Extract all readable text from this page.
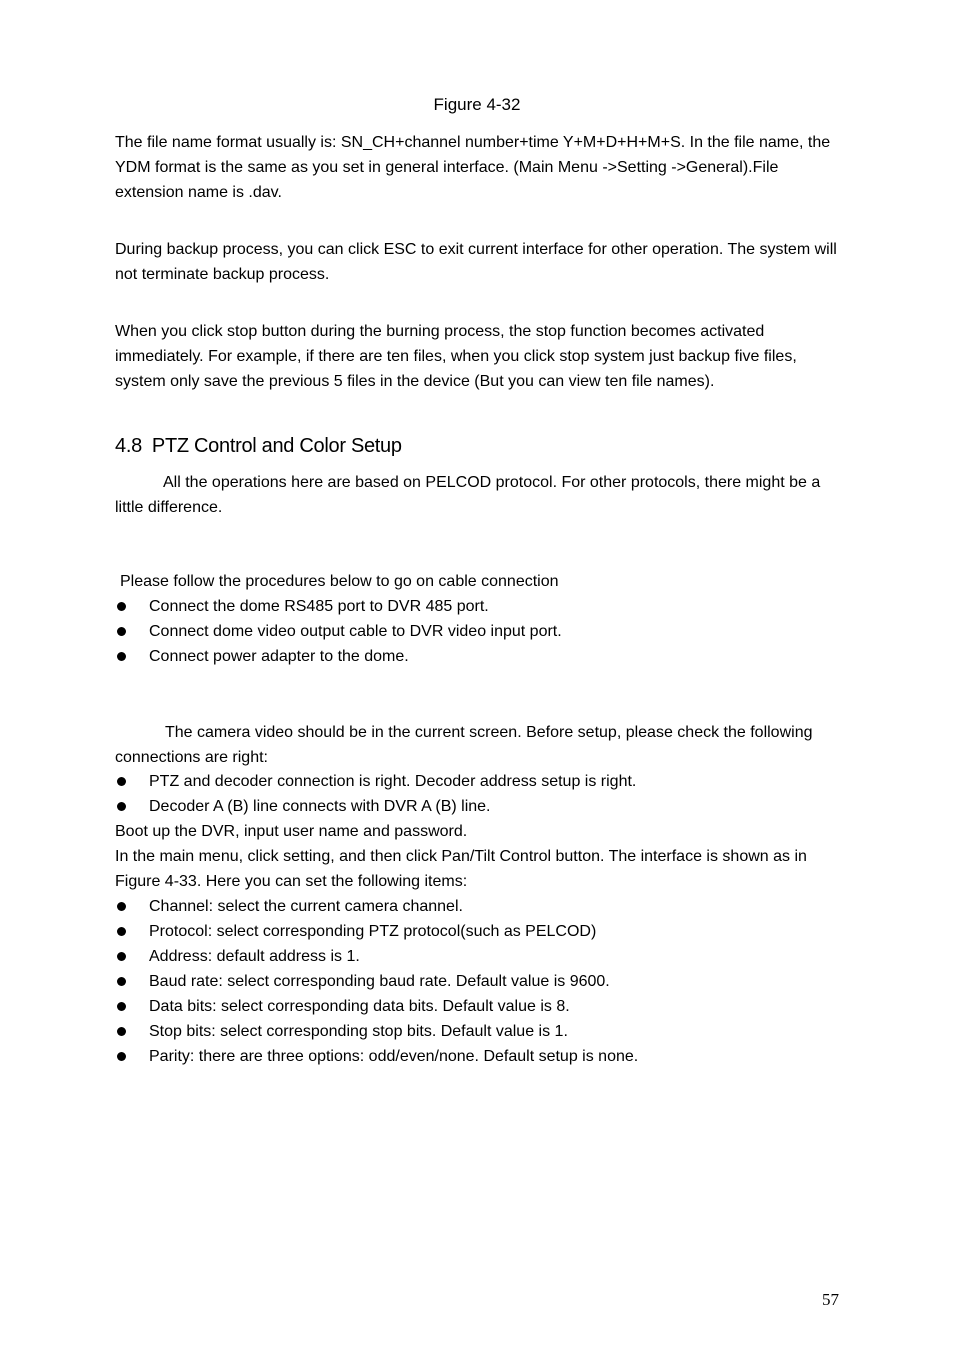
Figure 4-32

The file name format usually is: SN_CH+channel number+time Y+M+D+H+M+S. In the file name, the YDM format is the same as you set in general interface. (Main Menu ->Setting ->General).File extension name is .dav.

During backup process, you can click ESC to exit current interface for other operation. The system will not terminate backup process.

When you click stop button during the burning process, the stop function becomes activated immediately. For example, if there are ten files, when you click stop system just backup five files, system only save the previous 5 files in the device (But you can view ten file names).

4.8 PTZ Control and Color Setup

All the operations here are based on PELCOD protocol. For other protocols, there might be a little difference.

Please follow the procedures below to go on cable connection

Connect the dome RS485 port to DVR 485 port.
Connect dome video output cable to DVR video input port.
Connect power adapter to the dome.

The camera video should be in the current screen. Before setup, please check the following connections are right:

PTZ and decoder connection is right. Decoder address setup is right.
Decoder A (B) line connects with DVR A (B) line.

Boot up the DVR, input user name and password.

In the main menu, click setting, and then click Pan/Tilt Control button. The interface is shown as in Figure 4-33. Here you can set the following items:

Channel: select the current camera channel.
Protocol: select corresponding PTZ protocol(such as PELCOD)
Address: default address is 1.
Baud rate: select corresponding baud rate. Default value is 9600.
Data bits: select corresponding data bits. Default value is 8.
Stop bits: select corresponding stop bits. Default value is 1.
Parity: there are three options: odd/even/none. Default setup is none.

57
